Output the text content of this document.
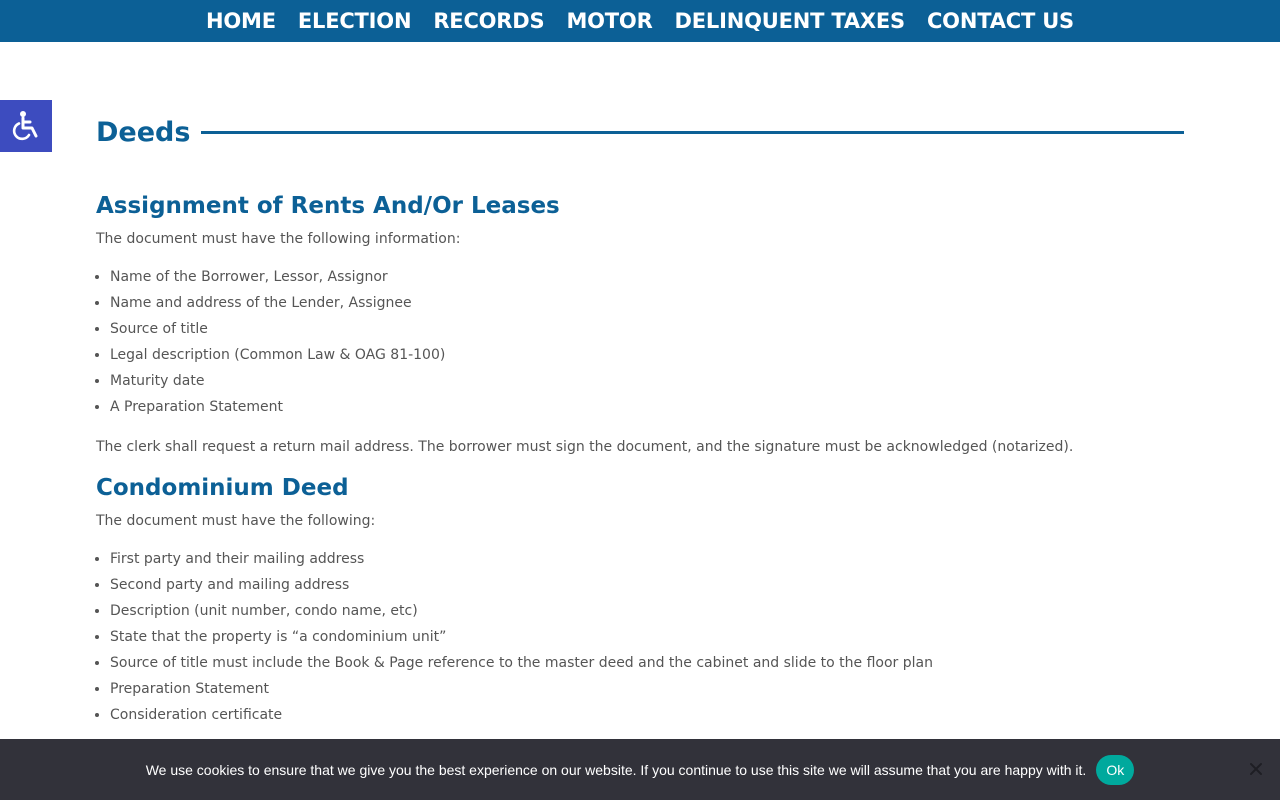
HOME ELECTION RECORDS MOTOR DELINQUENT TAXES CONTACT US
Deeds
Assignment of Rents And/Or Leases

The document must have the following information:

• Name of the Borrower, Lessor, Assignor
• Name and address of the Lender, Assignee
• Source of title
• Legal description (Common Law & OAG 81-100)
• Maturity date
• A Preparation Statement

The clerk shall request a return mail address. The borrower must sign the document, and the signature must be acknowledged (notarized).

Condominium Deed

The document must have the following:

• First party and their mailing address
• Second party and mailing address
• Description (unit number, condo name, etc)
• State that the property is “a condominium unit”
• Source of title must include the Book & Page reference to the master deed and the cabinet and slide to the floor plan
• Preparation Statement
• Consideration certificate
We use cookies to ensure that we give you the best experience on our website. If you continue to use this site we will assume that you are happy with it.	Ok
